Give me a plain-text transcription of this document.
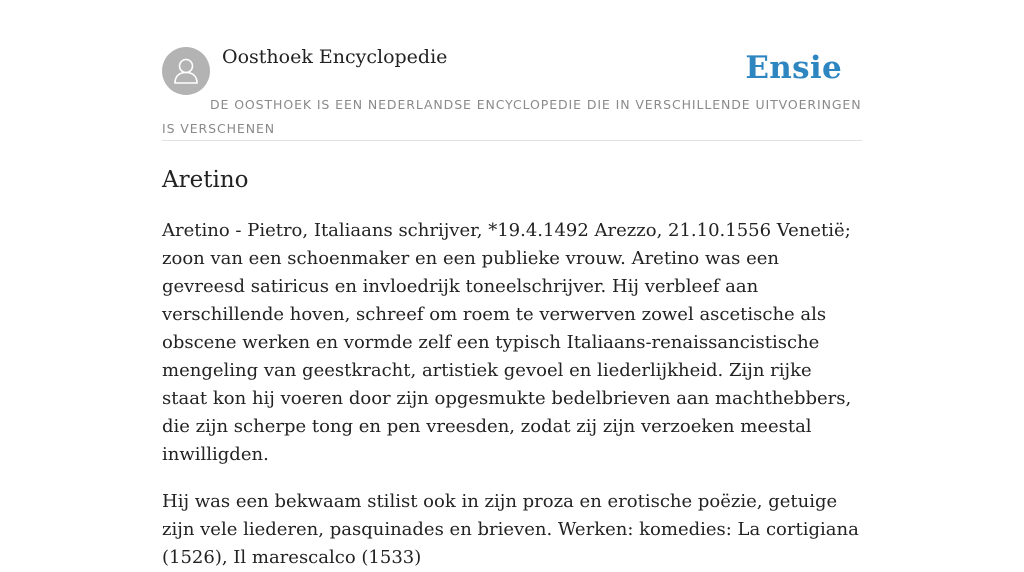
Oosthoek Encyclopedie	Ensie
DE OOSTHOEK IS EEN NEDERLANDSE ENCYCLOPEDIE DIE IN VERSCHILLENDE UITVOERINGEN IS VERSCHENEN
Aretino

Aretino - Pietro, Italiaans schrijver, *19.4.1492 Arezzo, 21.10.1556 Venetië; zoon van een schoenmaker en een publieke vrouw. Aretino was een gevreesd satiricus en invloedrijk toneelschrijver. Hij verbleef aan verschillende hoven, schreef om roem te verwerven zowel ascetische als obscene werken en vormde zelf een typisch Italiaans-renaissancistische mengeling van geestkracht, artistiek gevoel en liederlijkheid. Zijn rijke staat kon hij voeren door zijn opgesmukte bedelbrieven aan machthebbers, die zijn scherpe tong en pen vreesden, zodat zij zijn verzoeken meestal inwilligden.

Hij was een bekwaam stilist ook in zijn proza en erotische poëzie, getuige zijn vele liederen, pasquinades en brieven. Werken: komedies: La cortigiana (1526), Il marescalco (1533)
